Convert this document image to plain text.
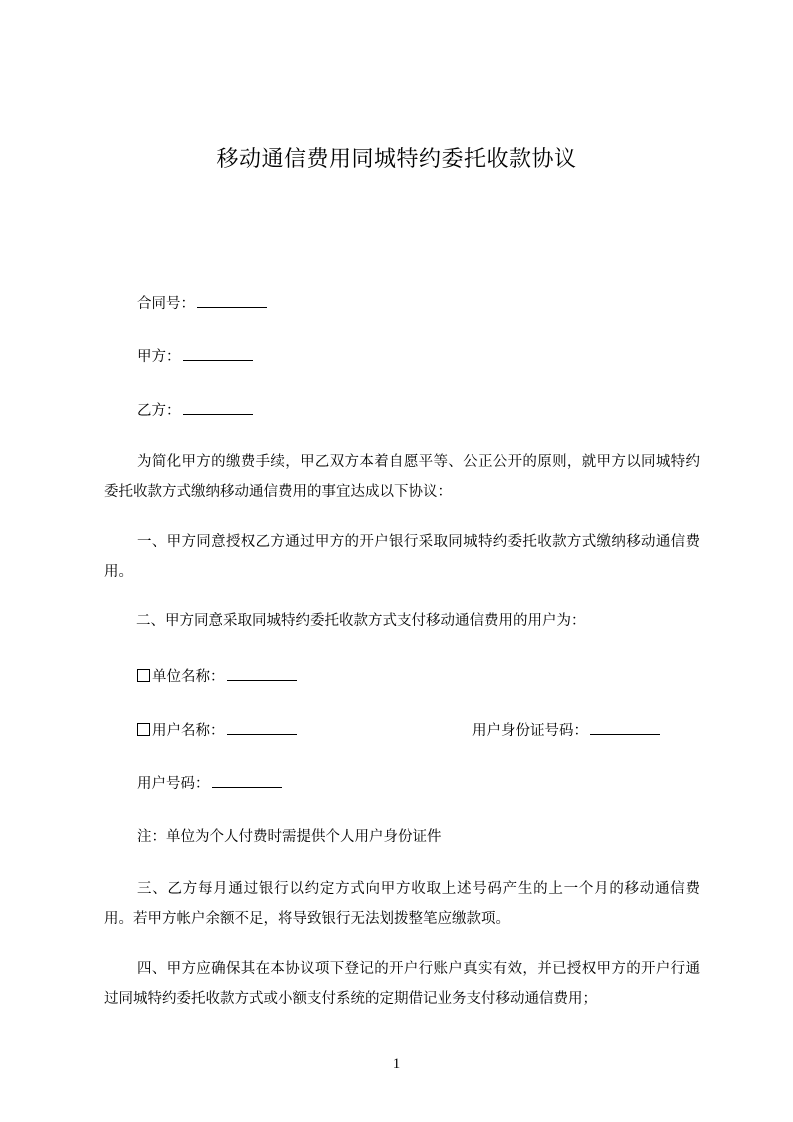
移动通信费用同城特约委托收款协议
合同号：
甲方：
乙方：
为简化甲方的缴费手续，甲乙双方本着自愿平等、公正公开的原则，就甲方以同城特约委托收款方式缴纳移动通信费用的事宜达成以下协议：
一、甲方同意授权乙方通过甲方的开户银行采取同城特约委托收款方式缴纳移动通信费用。
二、甲方同意采取同城特约委托收款方式支付移动通信费用的用户为：
单位名称：
用户名称：	用户身份证号码：
用户号码：
注：单位为个人付费时需提供个人用户身份证件
三、乙方每月通过银行以约定方式向甲方收取上述号码产生的上一个月的移动通信费用。若甲方帐户余额不足，将导致银行无法划拨整笔应缴款项。
四、甲方应确保其在本协议项下登记的开户行账户真实有效，并已授权甲方的开户行通过同城特约委托收款方式或小额支付系统的定期借记业务支付移动通信费用；
1
